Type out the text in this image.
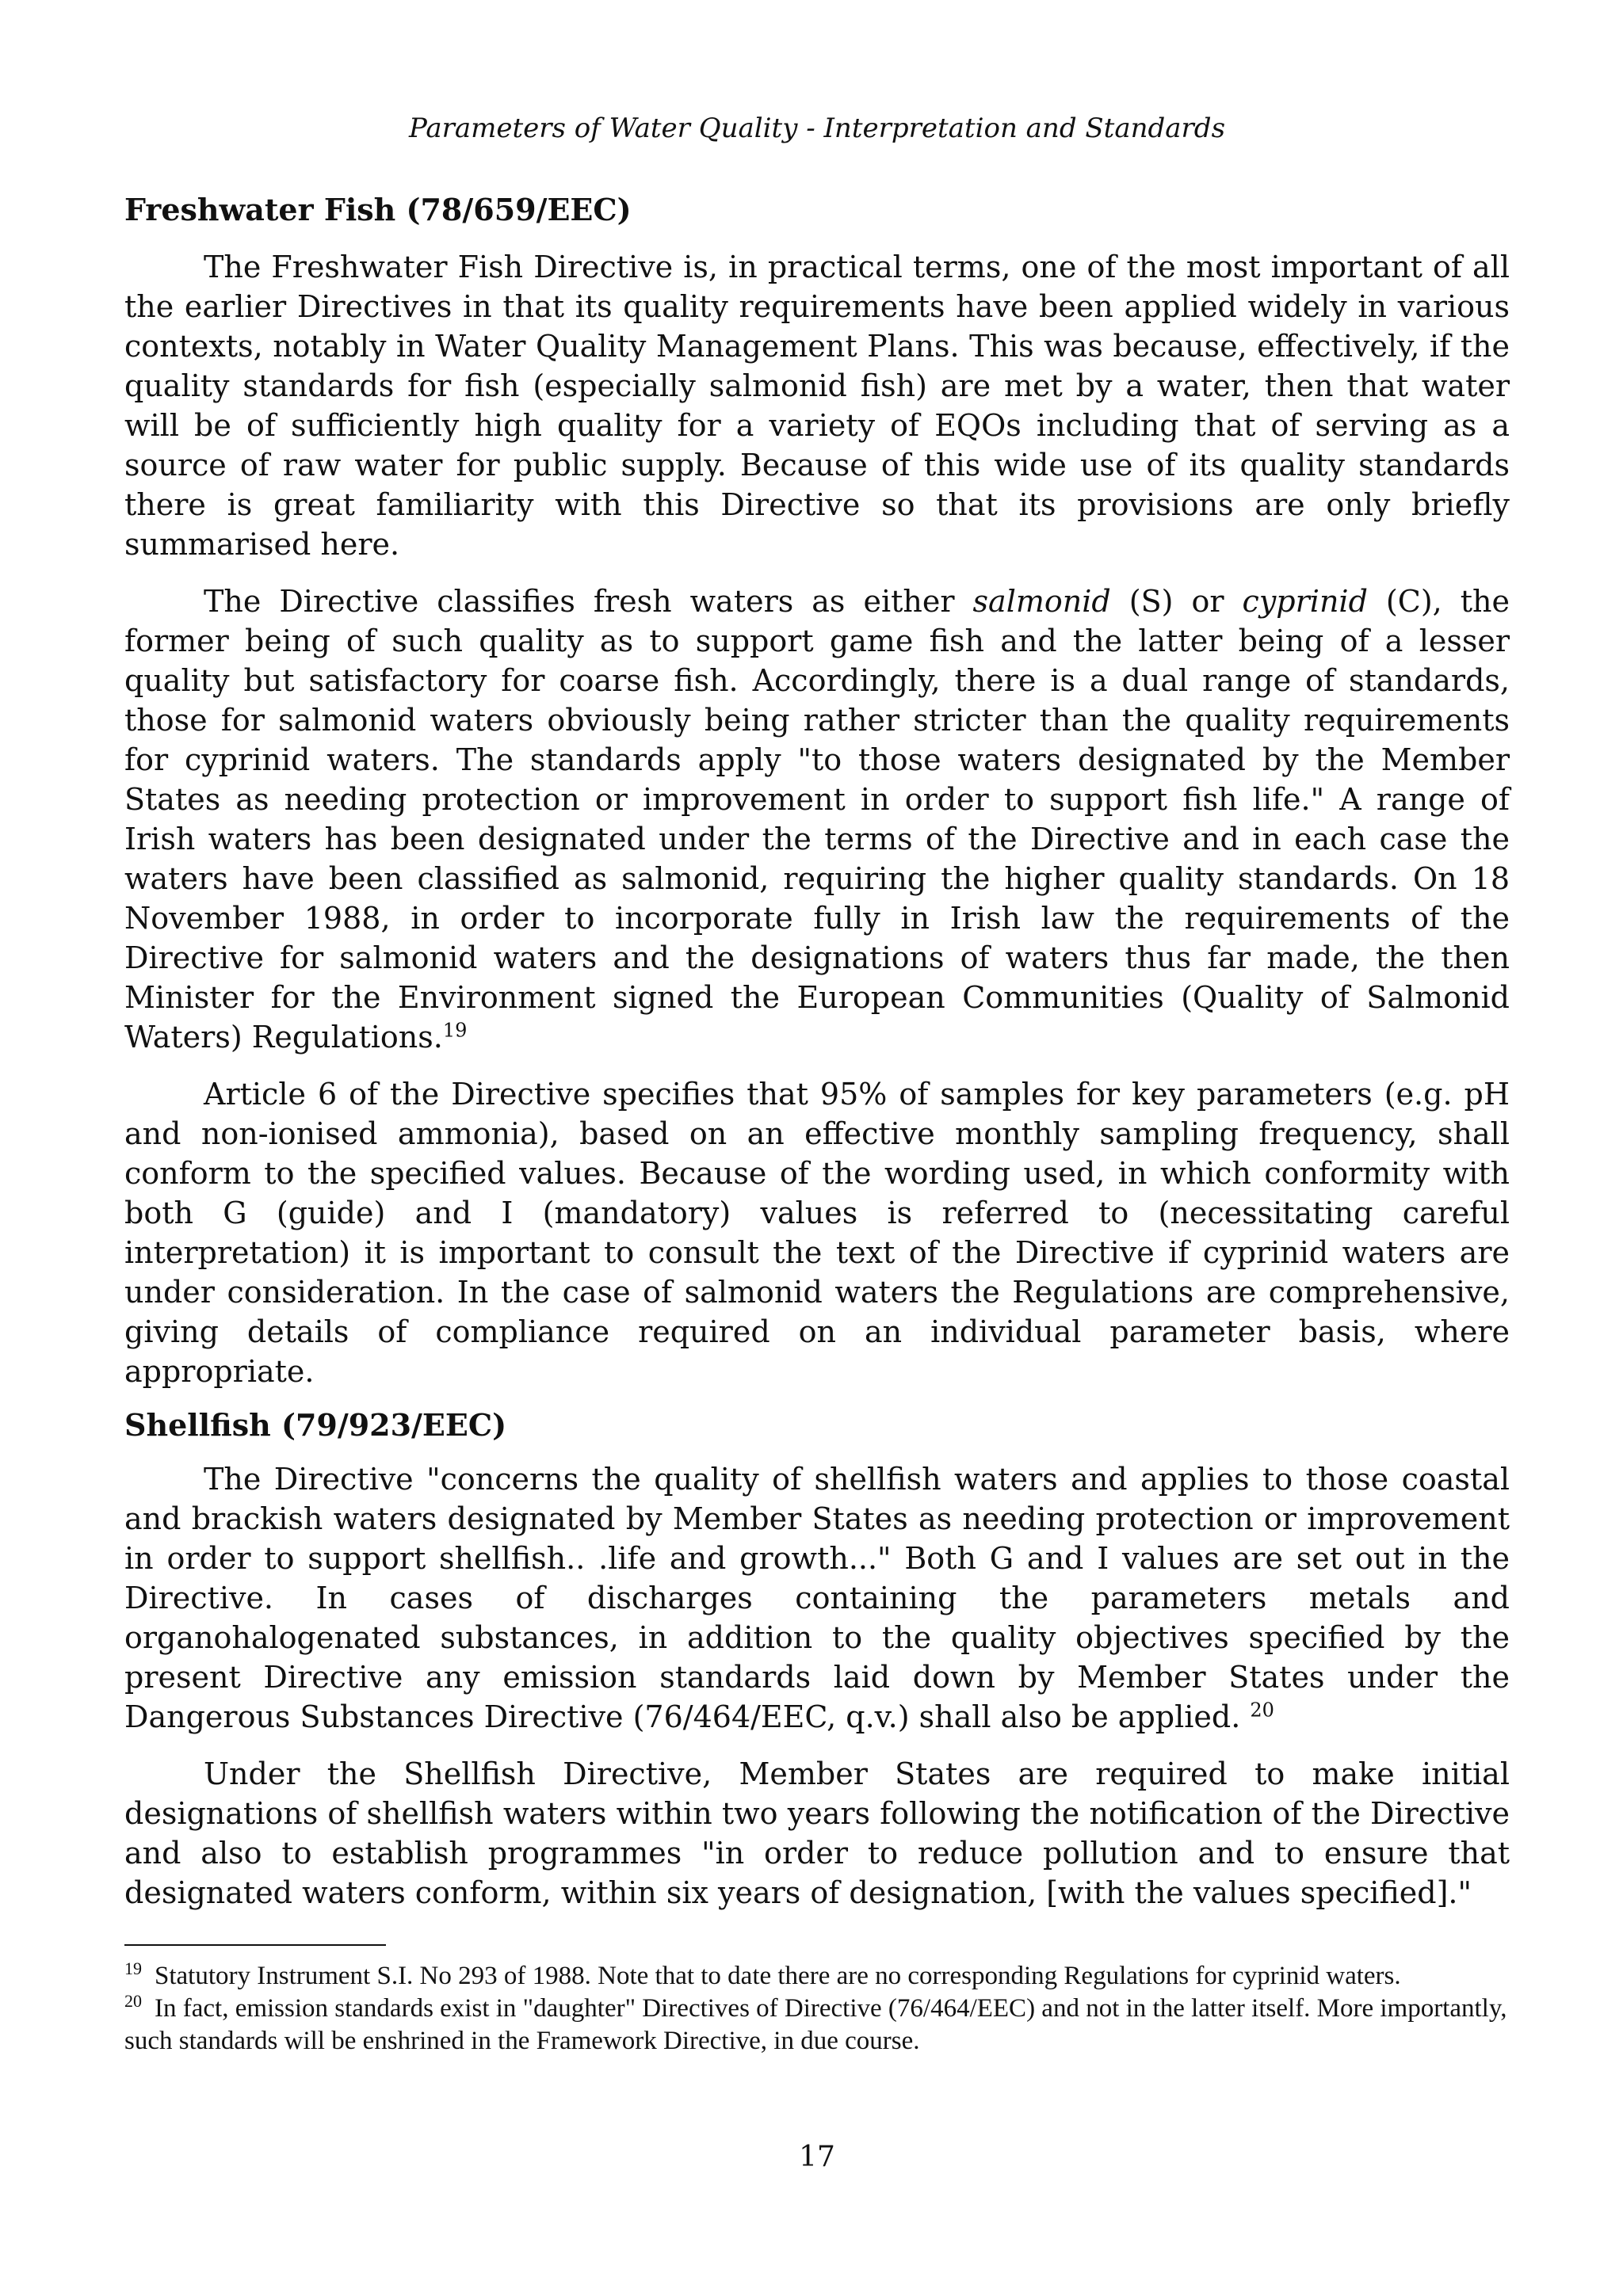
Parameters of Water Quality - Interpretation and Standards
Freshwater Fish (78/659/EEC)

The Freshwater Fish Directive is, in practical terms, one of the most important of all the earlier Directives in that its quality requirements have been applied widely in various contexts, notably in Water Quality Management Plans. This was because, effectively, if the quality standards for fish (especially salmonid fish) are met by a water, then that water will be of sufficiently high quality for a variety of EQOs including that of serving as a source of raw water for public supply. Because of this wide use of its quality standards there is great familiarity with this Directive so that its provisions are only briefly summarised here.

The Directive classifies fresh waters as either salmonid (S) or cyprinid (C), the former being of such quality as to support game fish and the latter being of a lesser quality but satisfactory for coarse fish. Accordingly, there is a dual range of standards, those for salmonid waters obviously being rather stricter than the quality requirements for cyprinid waters. The standards apply "to those waters designated by the Member States as needing protection or improvement in order to support fish life." A range of Irish waters has been designated under the terms of the Directive and in each case the waters have been classified as salmonid, requiring the higher quality standards. On 18 November 1988, in order to incorporate fully in Irish law the requirements of the Directive for salmonid waters and the designations of waters thus far made, the then Minister for the Environment signed the European Communities (Quality of Salmonid Waters) Regulations.$^{19}$

Article 6 of the Directive specifies that 95% of samples for key parameters (e.g. pH and non-ionised ammonia), based on an effective monthly sampling frequency, shall conform to the specified values. Because of the wording used, in which conformity with both G (guide) and I (mandatory) values is referred to (necessitating careful interpretation) it is important to consult the text of the Directive if cyprinid waters are under consideration. In the case of salmonid waters the Regulations are comprehensive, giving details of compliance required on an individual parameter basis, where appropriate.

Shellfish (79/923/EEC)

The Directive "concerns the quality of shellfish waters and applies to those coastal and brackish waters designated by Member States as needing protection or improvement in order to support shellfish.. .life and growth..." Both G and I values are set out in the Directive. In cases of discharges containing the parameters metals and organohalogenated substances, in addition to the quality objectives specified by the present Directive any emission standards laid down by Member States under the Dangerous Substances Directive (76/464/EEC, q.v.) shall also be applied. $^{20}$

Under the Shellfish Directive, Member States are required to make initial designations of shellfish waters within two years following the notification of the Directive and also to establish programmes "in order to reduce pollution and to ensure that designated waters conform, within six years of designation, [with the values specified]."

$^{19}$ Statutory Instrument S.I. No 293 of 1988. Note that to date there are no corresponding Regulations for cyprinid waters.

$^{20}$ In fact, emission standards exist in "daughter" Directives of Directive (76/464/EEC) and not in the latter itself. More importantly, such standards will be enshrined in the Framework Directive, in due course.

17
